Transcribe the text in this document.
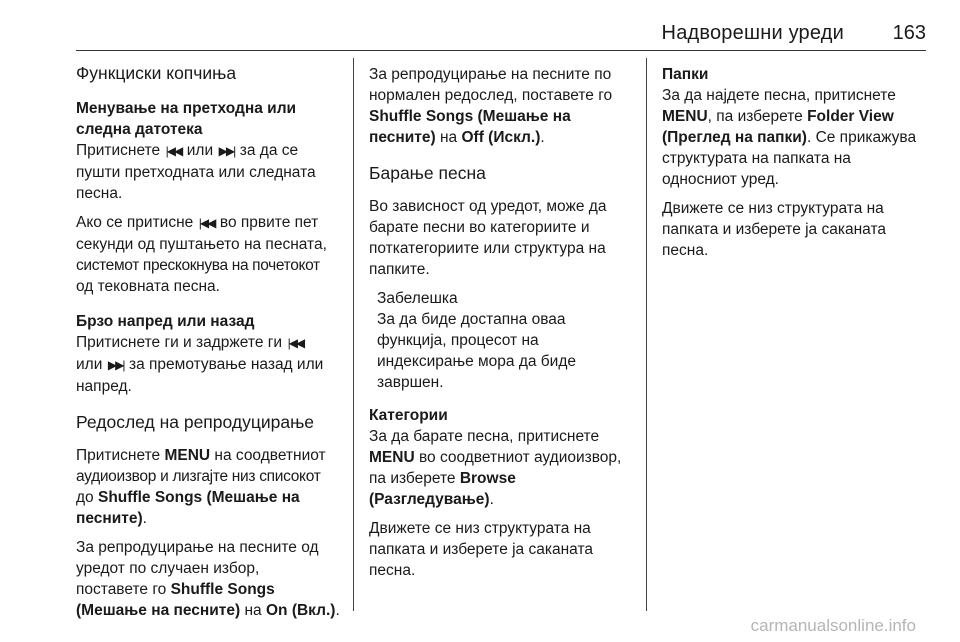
Надворешни уреди 163
Функциски копчиња
Менување на претходна или
следна датотека

Притиснете |◀◀ или ▶▶| за да се
пушти претходната или следната
песна.

Ако се притисне |◀◀ во првите пет
секунди од пуштањето на песната,
системот прескокнува на почетокот
од тековната песна.

Брзо напред или назад

Притиснете ги и задржете ги |◀◀
или ▶▶| за премотување назад или
напред.

Редослед на репродуцирање

Притиснете MENU на соодветниот
аудиоизвор и лизгајте низ списокот
до Shuffle Songs (Мешање на
песните).

За репродуцирање на песните од
уредот по случаен избор,
поставете го Shuffle Songs
(Мешање на песните) на On (Вкл.).

За репродуцирање на песните по
нормален редослед, поставете го
Shuffle Songs (Мешање на
песните) на Off (Искл.).

Барање песна

Во зависност од уредот, може да
барате песни во категориите и
поткатегориите или структура на
папките.

Забелешка
За да биде достапна оваа
функција, процесот на
индексирање мора да биде
завршен.
Категории

За да барате песна, притиснете
MENU во соодветниот аудиоизвор,
па изберете Browse
(Разгледување).

Движете се низ структурата на
папката и изберете ја саканата
песна.

Папки

За да најдете песна, притиснете
MENU, па изберете Folder View
(Преглед на папки). Се прикажува
структурата на папката на
односниот уред.

Движете се низ структурата на
папката и изберете ја саканата
песна.

carmanualsonline.info
